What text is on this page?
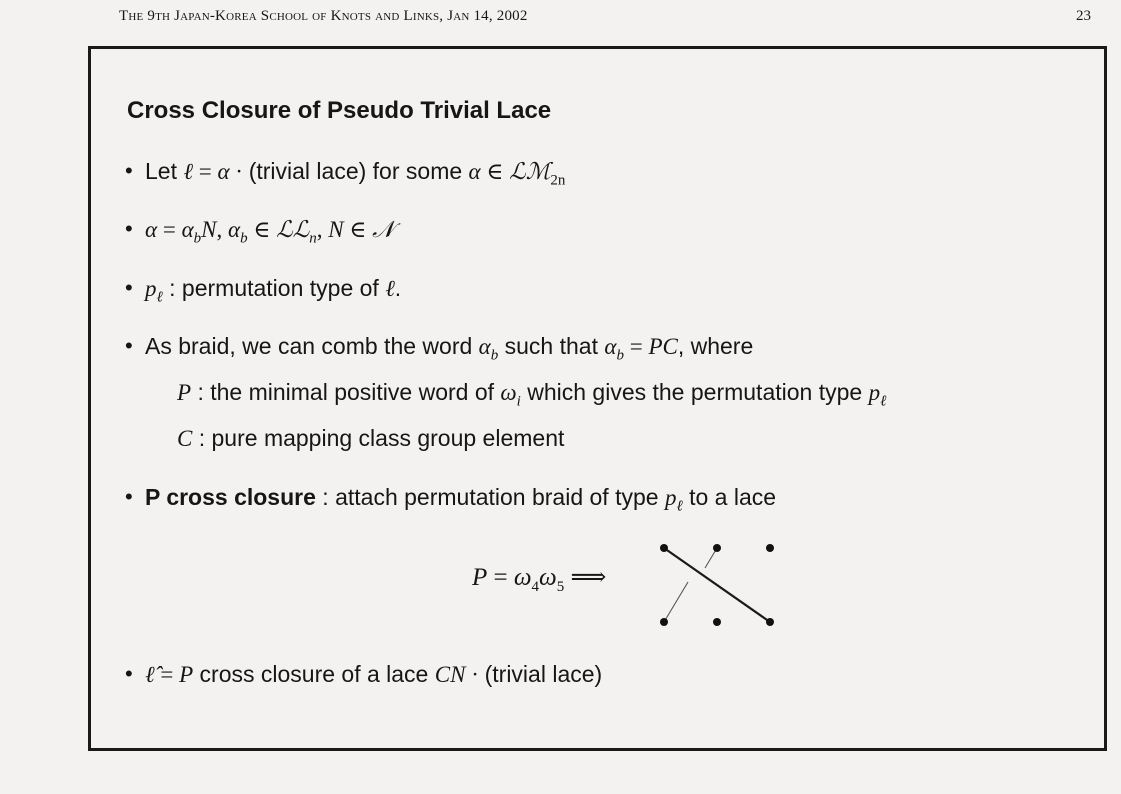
The 9th Japan-Korea School of Knots and Links, Jan 14, 2002	23
Cross Closure of Pseudo Trivial Lace
• Let ℓ = α · (trivial lace) for some α ∈ ℒℳ$_{2n}$
• $\alpha = \alpha_bN$, $\alpha_b$ ∈ ℒℒ$_n$, N ∈ 𝒩
• $p_\ell$ : permutation type of ℓ.
• As braid, we can comb the word $\alpha_b$ such that $\alpha_b$ = PC, where
P : the minimal positive word of $\omega_i$ which gives the permutation type $p_\ell$
C : pure mapping class group element
• P cross closure : attach permutation braid of type $p_\ell$ to a lace
$P = \omega_4\omega_5$ ⟹
• ℓ̂ = P cross closure of a lace CN · (trivial lace)
